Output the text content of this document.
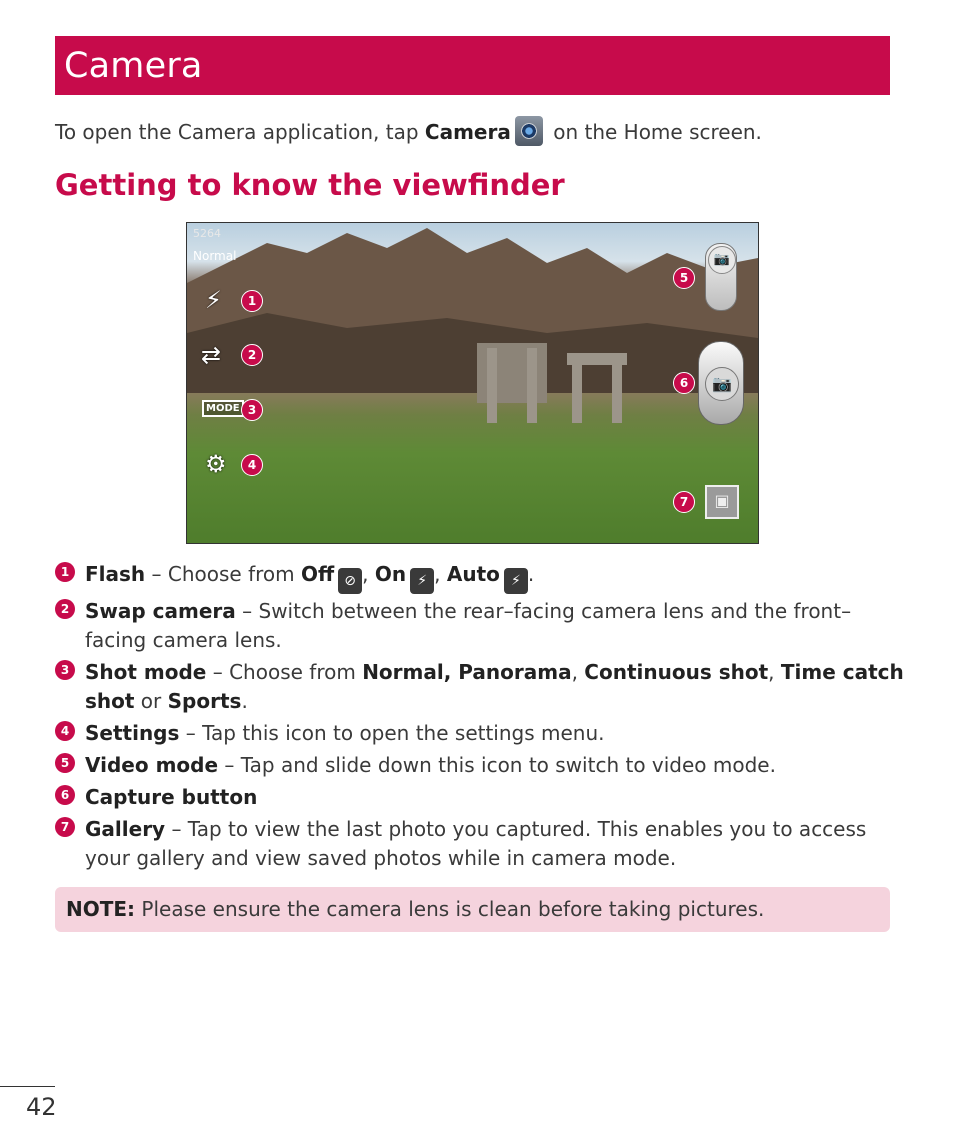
Camera
To open the Camera application, tap Camera on the Home screen.
Getting to know the viewfinder
5264
Normal
⚡	1
⇄	2
MODE 3
⚙	4
5
📷
6	📷
7	▣
1 Flash – Choose from Off ⊘ , On ⚡ , Auto ⚡ .
2 Swap camera – Switch between the rear–facing camera lens and the front–facing camera lens.
3 Shot mode – Choose from Normal, Panorama, Continuous shot, Time catch shot or Sports.
4 Settings – Tap this icon to open the settings menu.
5 Video mode – Tap and slide down this icon to switch to video mode.
6 Capture button
7 Gallery – Tap to view the last photo you captured. This enables you to access your gallery and view saved photos while in camera mode.
NOTE: Please ensure the camera lens is clean before taking pictures.
42
